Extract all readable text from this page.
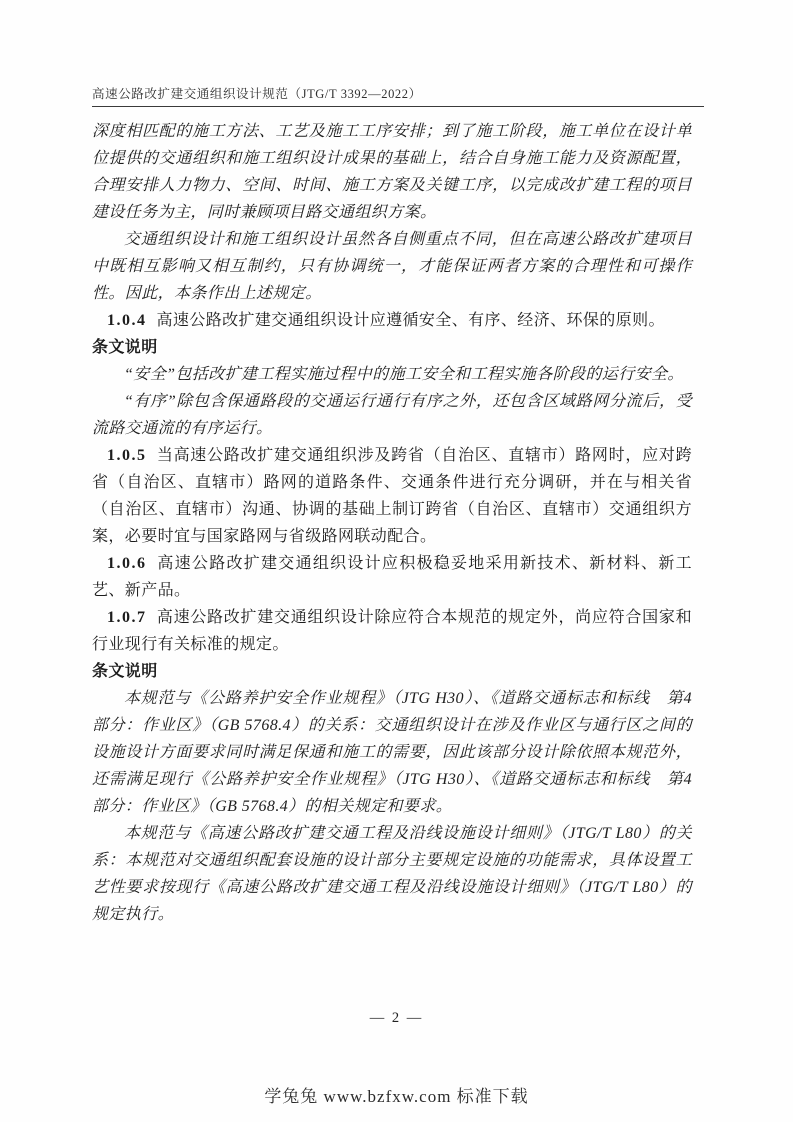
高速公路改扩建交通组织设计规范（JTG/T 3392—2022）

深度相匹配的施工方法、工艺及施工工序安排；到了施工阶段，施工单位在设计单位提供的交通组织和施工组织设计成果的基础上，结合自身施工能力及资源配置，合理安排人力物力、空间、时间、施工方案及关键工序，以完成改扩建工程的项目建设任务为主，同时兼顾项目路交通组织方案。

交通组织设计和施工组织设计虽然各自侧重点不同，但在高速公路改扩建项目中既相互影响又相互制约，只有协调统一，才能保证两者方案的合理性和可操作性。因此，本条作出上述规定。

1.0.4 高速公路改扩建交通组织设计应遵循安全、有序、经济、环保的原则。

条文说明

“安全”包括改扩建工程实施过程中的施工安全和工程实施各阶段的运行安全。

“有序”除包含保通路段的交通运行通行有序之外，还包含区域路网分流后，受流路交通流的有序运行。

1.0.5 当高速公路改扩建交通组织涉及跨省（自治区、直辖市）路网时，应对跨省（自治区、直辖市）路网的道路条件、交通条件进行充分调研，并在与相关省（自治区、直辖市）沟通、协调的基础上制订跨省（自治区、直辖市）交通组织方案，必要时宜与国家路网与省级路网联动配合。

1.0.6 高速公路改扩建交通组织设计应积极稳妥地采用新技术、新材料、新工艺、新产品。

1.0.7 高速公路改扩建交通组织设计除应符合本规范的规定外，尚应符合国家和行业现行有关标准的规定。

条文说明

本规范与《公路养护安全作业规程》（JTG H30）、《道路交通标志和标线　第4部分：作业区》（GB 5768.4）的关系：交通组织设计在涉及作业区与通行区之间的设施设计方面要求同时满足保通和施工的需要，因此该部分设计除依照本规范外，还需满足现行《公路养护安全作业规程》（JTG H30）、《道路交通标志和标线　第4部分：作业区》（GB 5768.4）的相关规定和要求。

本规范与《高速公路改扩建交通工程及沿线设施设计细则》（JTG/T L80）的关系：本规范对交通组织配套设施的设计部分主要规定设施的功能需求，具体设置工艺性要求按现行《高速公路改扩建交通工程及沿线设施设计细则》（JTG/T L80）的规定执行。

— 2 —
学兔兔 www.bzfxw.com 标准下载
